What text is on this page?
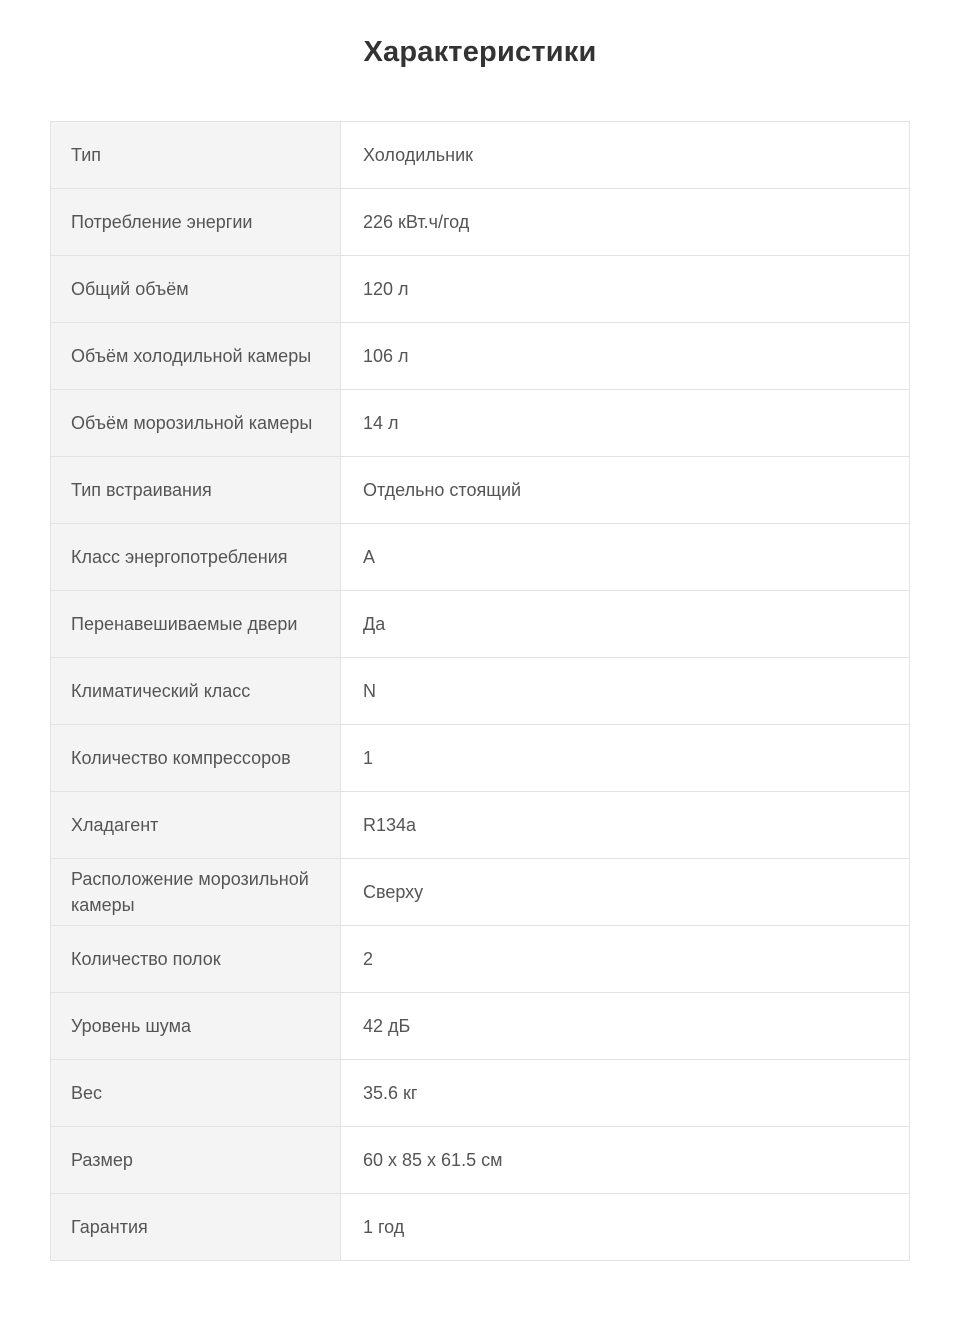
Характеристики
Тип	Холодильник
Потребление энергии	226 кВт.ч/год
Общий объём	120 л
Объём холодильной камеры	106 л
Объём морозильной камеры	14 л
Тип встраивания	Отдельно стоящий
Класс энергопотребления	A
Перенавешиваемые двери	Да
Климатический класс	N
Количество компрессоров	1
Хладагент	R134a
Расположение морозильной камеры	Сверху
Количество полок	2
Уровень шума	42 дБ
Вес	35.6 кг
Размер	60 х 85 х 61.5 см
Гарантия	1 год
